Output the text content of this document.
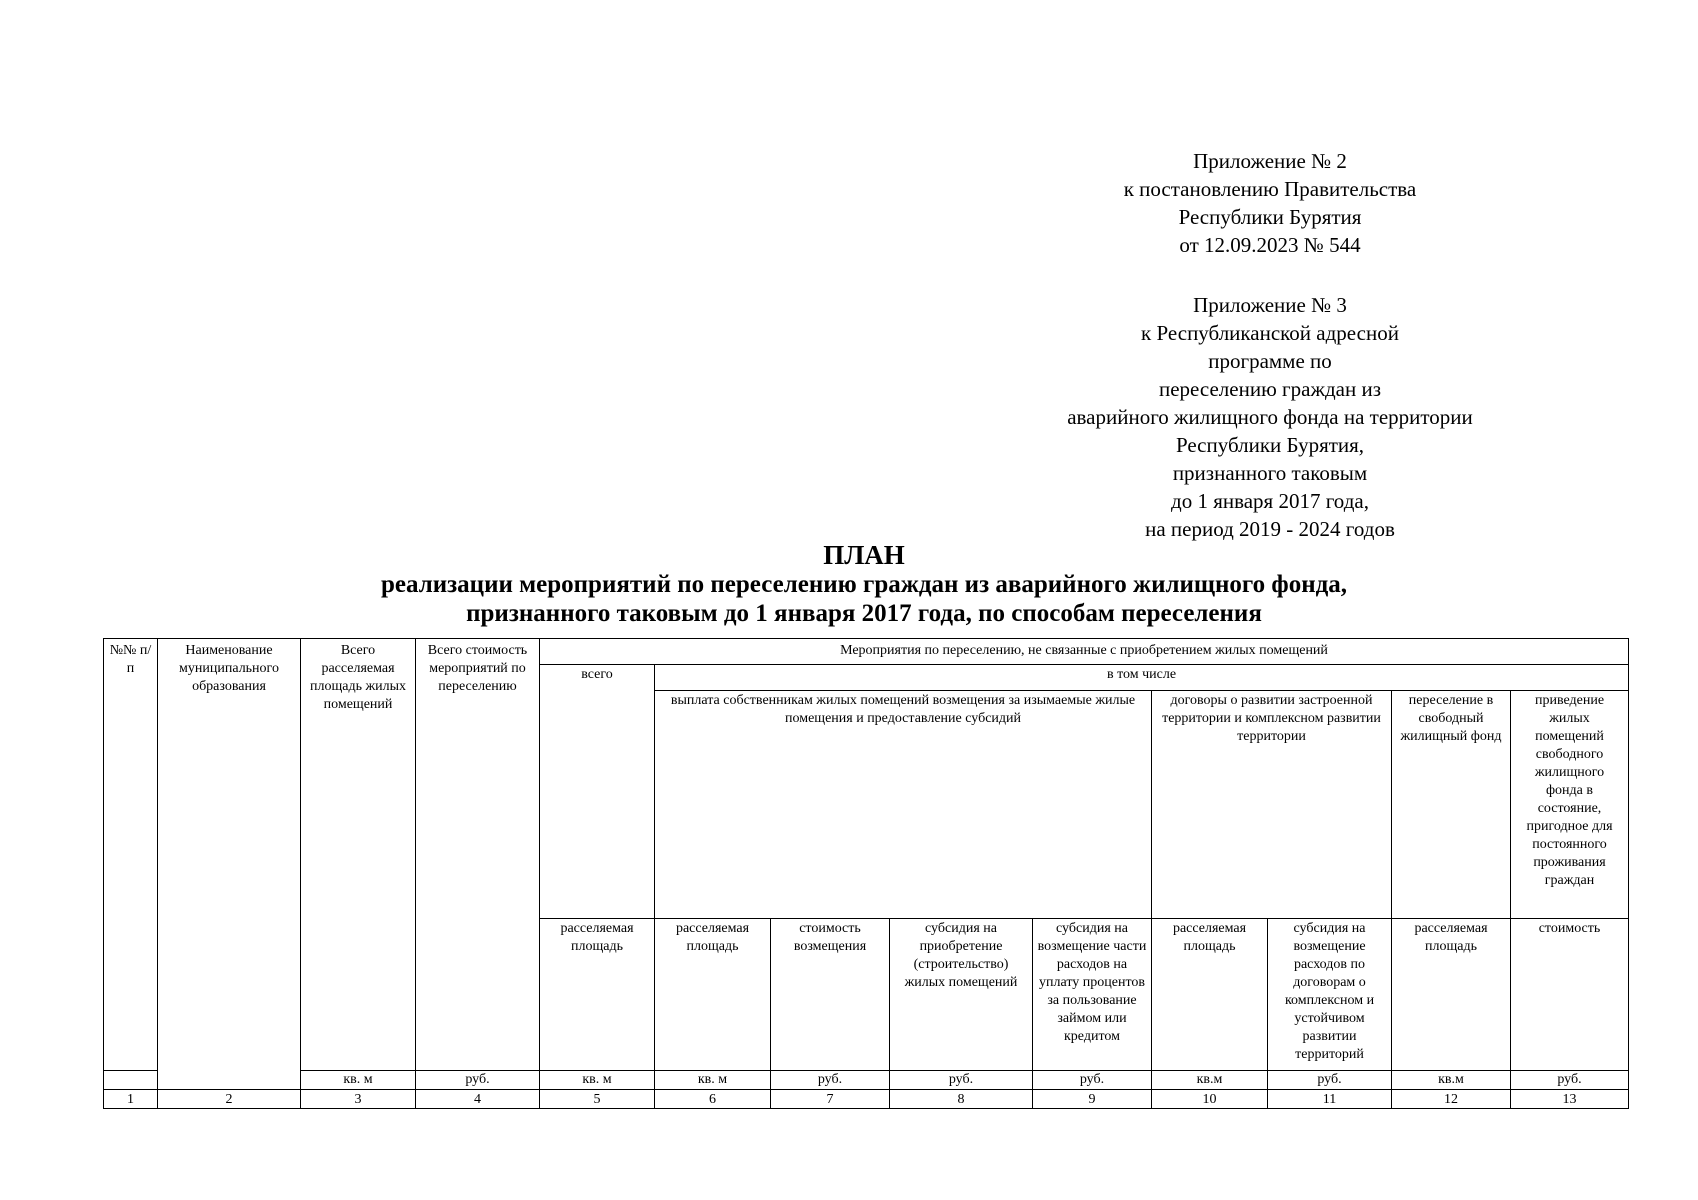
Приложение № 2
к постановлению Правительства
Республики Бурятия
от 12.09.2023 № 544
Приложение № 3
к Республиканской адресной
программе по
переселению граждан из
аварийного жилищного фонда на территории
Республики Бурятия,
признанного таковым
до 1 января 2017 года,
на период 2019 - 2024 годов
ПЛАН
реализации мероприятий по переселению граждан из аварийного жилищного фонда,
признанного таковым до 1 января 2017 года, по способам переселения
№№ п/п	Наименование муниципального образования	Всего расселяемая площадь жилых помещений	Всего стоимость мероприятий по переселению	Мероприятия по переселению, не связанные с приобретением жилых помещений								
				всего	в том числе							
					выплата собственникам жилых помещений возмещения за изымаемые жилые помещения и предоставление субсидий				договоры о развитии застроенной территории и комплексном развитии территории		переселение в свободный жилищный фонд	приведение жилых помещений свободного жилищного фонда в состояние, пригодное для постоянного проживания граждан
				расселяемая площадь	расселяемая площадь	стоимость возмещения	субсидия на приобретение (строительство) жилых помещений	субсидия на возмещение части расходов на уплату процентов за пользование займом или кредитом	расселяемая площадь	субсидия на возмещение расходов по договорам о комплексном и устойчивом развитии территорий	расселяемая площадь	стоимость
		кв. м	руб.	кв. м	кв. м	руб.	руб.	руб.	кв.м	руб.	кв.м	руб.
1	2	3	4	5	6	7	8	9	10	11	12	13
